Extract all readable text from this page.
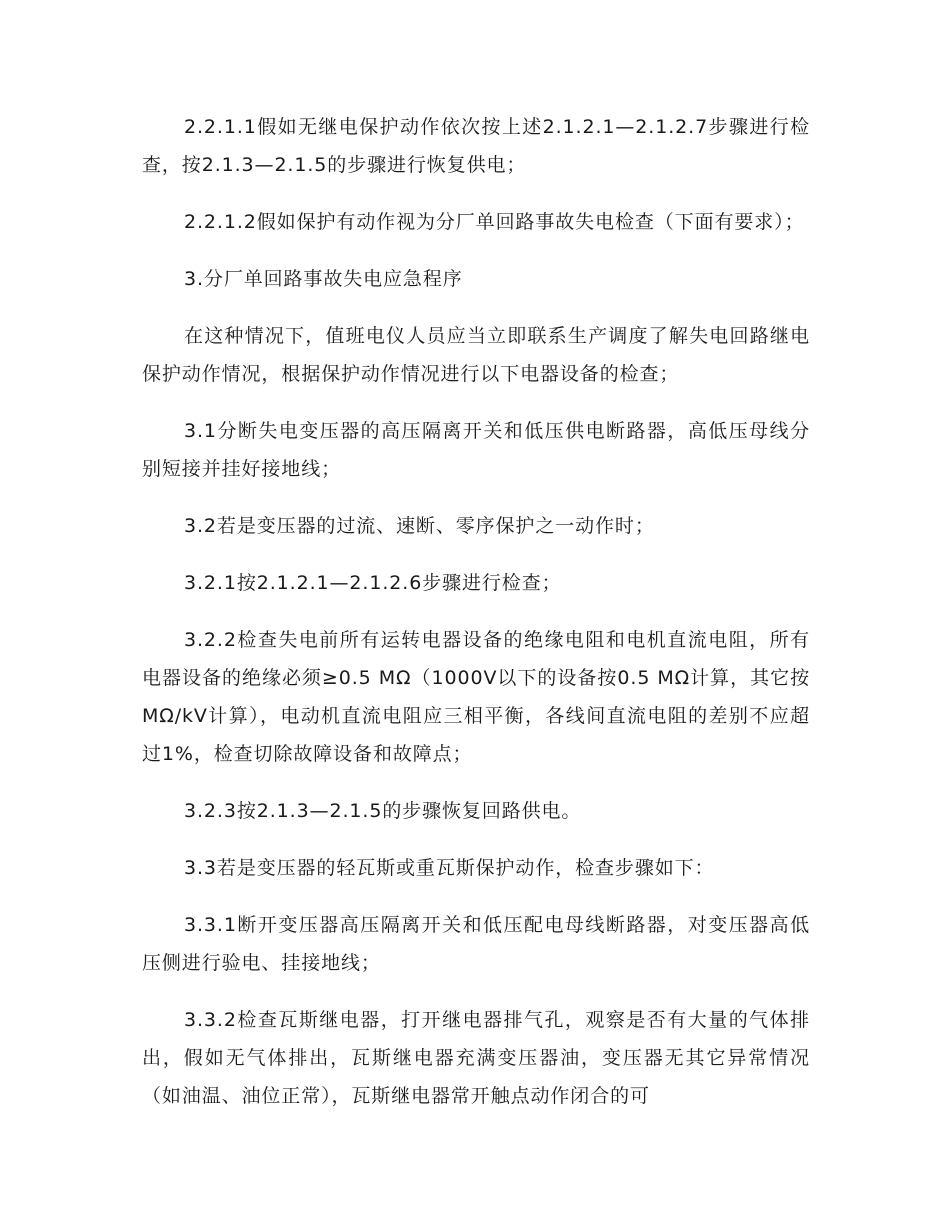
2.2.1.1假如无继电保护动作依次按上述2.1.2.1—2.1.2.7步骤进行检查，按2.1.3—2.1.5的步骤进行恢复供电；

2.2.1.2假如保护有动作视为分厂单回路事故失电检查（下面有要求）；

3.分厂单回路事故失电应急程序

在这种情况下，值班电仪人员应当立即联系生产调度了解失电回路继电保护动作情况，根据保护动作情况进行以下电器设备的检查；

3.1分断失电变压器的高压隔离开关和低压供电断路器，高低压母线分别短接并挂好接地线；

3.2若是变压器的过流、速断、零序保护之一动作时；

3.2.1按2.1.2.1—2.1.2.6步骤进行检查；

3.2.2检查失电前所有运转电器设备的绝缘电阻和电机直流电阻，所有电器设备的绝缘必须≥0.5 MΩ（1000V以下的设备按0.5 MΩ计算，其它按MΩ/kV计算），电动机直流电阻应三相平衡，各线间直流电阻的差别不应超过1%，检查切除故障设备和故障点；

3.2.3按2.1.3—2.1.5的步骤恢复回路供电。

3.3若是变压器的轻瓦斯或重瓦斯保护动作，检查步骤如下：

3.3.1断开变压器高压隔离开关和低压配电母线断路器，对变压器高低压侧进行验电、挂接地线；

3.3.2检查瓦斯继电器，打开继电器排气孔，观察是否有大量的气体排出，假如无气体排出，瓦斯继电器充满变压器油，变压器无其它异常情况（如油温、油位正常），瓦斯继电器常开触点动作闭合的可
